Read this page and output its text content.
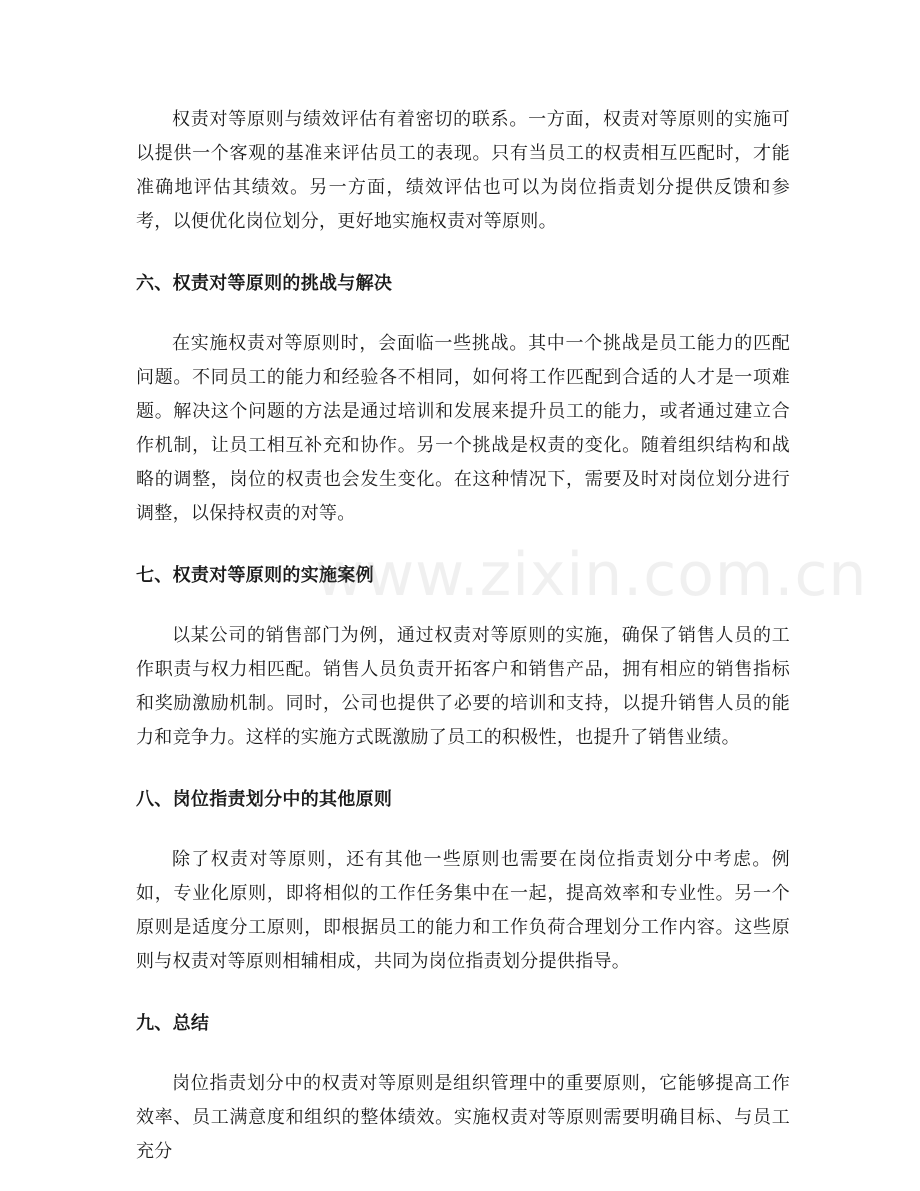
权责对等原则与绩效评估有着密切的联系。一方面，权责对等原则的实施可以提供一个客观的基准来评估员工的表现。只有当员工的权责相互匹配时，才能准确地评估其绩效。另一方面，绩效评估也可以为岗位指责划分提供反馈和参考，以便优化岗位划分，更好地实施权责对等原则。

六、权责对等原则的挑战与解决

在实施权责对等原则时，会面临一些挑战。其中一个挑战是员工能力的匹配问题。不同员工的能力和经验各不相同，如何将工作匹配到合适的人才是一项难题。解决这个问题的方法是通过培训和发展来提升员工的能力，或者通过建立合作机制，让员工相互补充和协作。另一个挑战是权责的变化。随着组织结构和战略的调整，岗位的权责也会发生变化。在这种情况下，需要及时对岗位划分进行调整，以保持权责的对等。

七、权责对等原则的实施案例

以某公司的销售部门为例，通过权责对等原则的实施，确保了销售人员的工作职责与权力相匹配。销售人员负责开拓客户和销售产品，拥有相应的销售指标和奖励激励机制。同时，公司也提供了必要的培训和支持，以提升销售人员的能力和竞争力。这样的实施方式既激励了员工的积极性，也提升了销售业绩。

八、岗位指责划分中的其他原则

除了权责对等原则，还有其他一些原则也需要在岗位指责划分中考虑。例如，专业化原则，即将相似的工作任务集中在一起，提高效率和专业性。另一个原则是适度分工原则，即根据员工的能力和工作负荷合理划分工作内容。这些原则与权责对等原则相辅相成，共同为岗位指责划分提供指导。

九、总结

岗位指责划分中的权责对等原则是组织管理中的重要原则，它能够提高工作效率、员工满意度和组织的整体绩效。实施权责对等原则需要明确目标、与员工充分

www.zixin.com.cn
